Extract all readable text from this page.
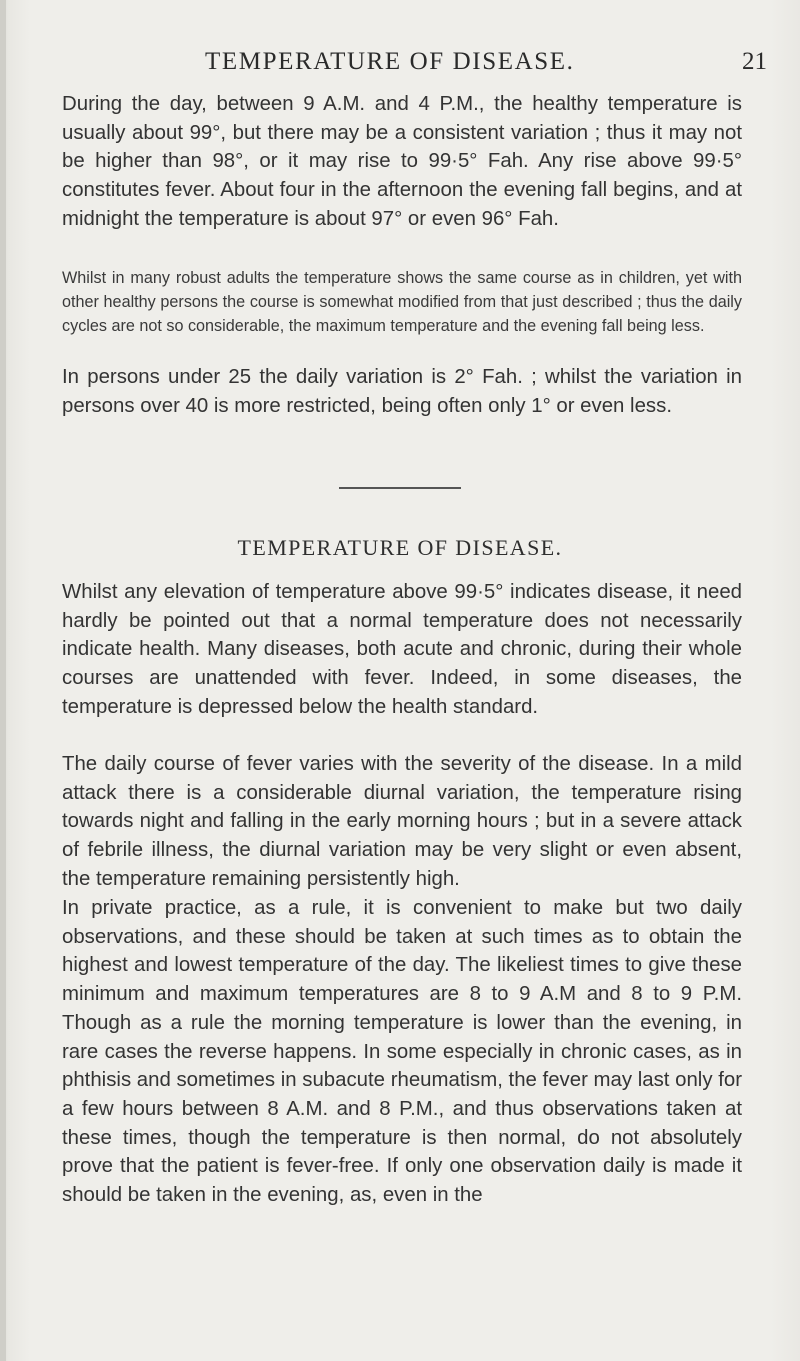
TEMPERATURE OF DISEASE.	21
During the day, between 9 A.M. and 4 P.M., the healthy temperature is usually about 99°, but there may be a consistent variation ; thus it may not be higher than 98°, or it may rise to 99·5° Fah. Any rise above 99·5° constitutes fever. About four in the afternoon the evening fall begins, and at midnight the temperature is about 97° or even 96° Fah.
Whilst in many robust adults the temperature shows the same course as in children, yet with other healthy persons the course is somewhat modified from that just described ; thus the daily cycles are not so considerable, the maximum temperature and the evening fall being less.
In persons under 25 the daily variation is 2° Fah. ; whilst the variation in persons over 40 is more restricted, being often only 1° or even less.
TEMPERATURE OF DISEASE.
Whilst any elevation of temperature above 99·5° indicates disease, it need hardly be pointed out that a normal temperature does not necessarily indicate health. Many diseases, both acute and chronic, during their whole courses are unattended with fever. Indeed, in some diseases, the temperature is depressed below the health standard.
The daily course of fever varies with the severity of the disease. In a mild attack there is a considerable diurnal variation, the temperature rising towards night and falling in the early morning hours ; but in a severe attack of febrile illness, the diurnal variation may be very slight or even absent, the temperature remaining persistently high.
In private practice, as a rule, it is convenient to make but two daily observations, and these should be taken at such times as to obtain the highest and lowest temperature of the day. The likeliest times to give these minimum and maximum temperatures are 8 to 9 A.M and 8 to 9 P.M. Though as a rule the morning temperature is lower than the evening, in rare cases the reverse happens. In some especially in chronic cases, as in phthisis and sometimes in subacute rheumatism, the fever may last only for a few hours between 8 A.M. and 8 P.M., and thus observations taken at these times, though the temperature is then normal, do not absolutely prove that the patient is fever-free. If only one observation daily is made it should be taken in the evening, as, even in the
